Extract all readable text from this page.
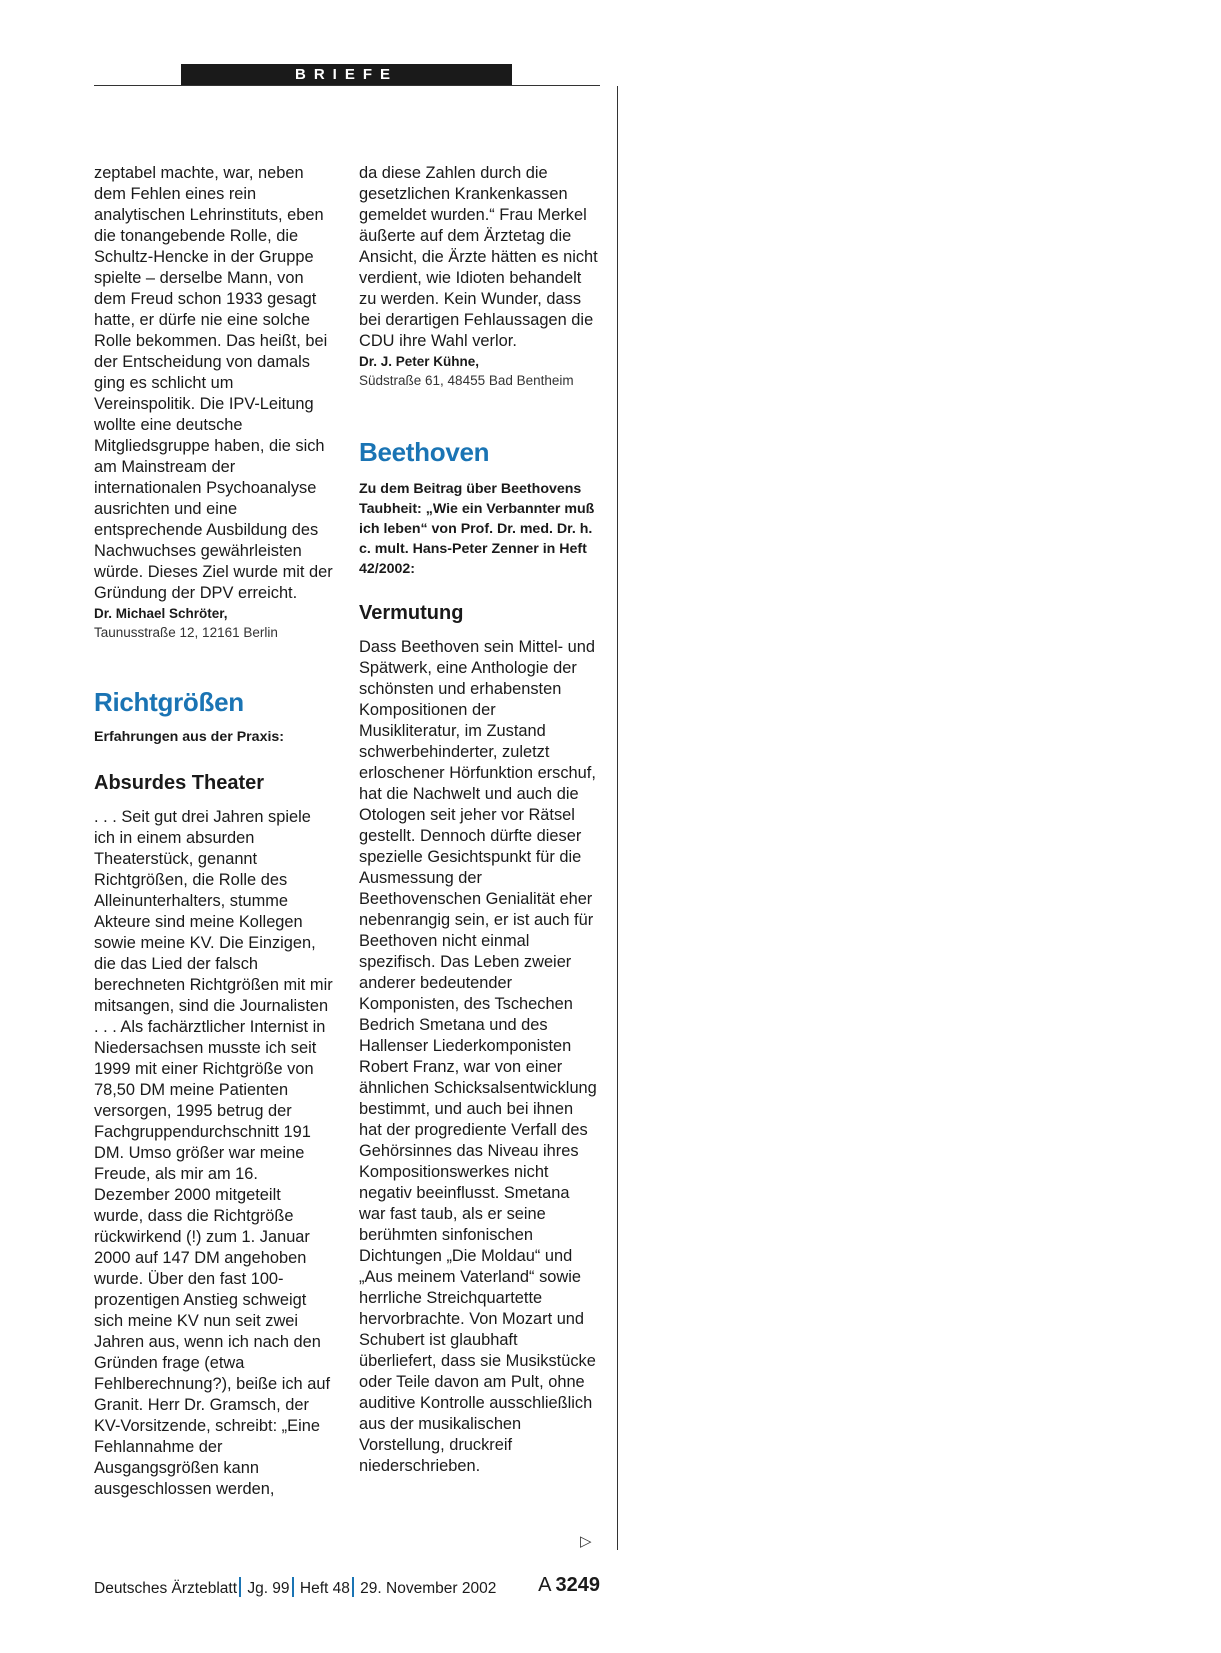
BRIEFE

zeptabel machte, war, neben dem Fehlen eines rein analytischen Lehrinstituts, eben die tonangebende Rolle, die Schultz-Hencke in der Gruppe spielte – derselbe Mann, von dem Freud schon 1933 gesagt hatte, er dürfe nie eine solche Rolle bekommen. Das heißt, bei der Entscheidung von damals ging es schlicht um Vereinspolitik. Die IPV-Leitung wollte eine deutsche Mitgliedsgruppe haben, die sich am Mainstream der internationalen Psychoanalyse ausrichten und eine entsprechende Ausbildung des Nachwuchses gewährleisten würde. Dieses Ziel wurde mit der Gründung der DPV erreicht.

Dr. Michael Schröter,

Taunusstraße 12, 12161 Berlin

Richtgrößen

Erfahrungen aus der Praxis:

Absurdes Theater

. . . Seit gut drei Jahren spiele ich in einem absurden Theaterstück, genannt Richtgrößen, die Rolle des Alleinunterhalters, stumme Akteure sind meine Kollegen sowie meine KV. Die Einzigen, die das Lied der falsch berechneten Richtgrößen mit mir mitsangen, sind die Journalisten . . . Als fachärztlicher Internist in Niedersachsen musste ich seit 1999 mit einer Richtgröße von 78,50 DM meine Patienten versorgen, 1995 betrug der Fachgruppendurchschnitt 191 DM. Umso größer war meine Freude, als mir am 16. Dezember 2000 mitgeteilt wurde, dass die Richtgröße rückwirkend (!) zum 1. Januar 2000 auf 147 DM angehoben wurde. Über den fast 100-prozentigen Anstieg schweigt sich meine KV nun seit zwei Jahren aus, wenn ich nach den Gründen frage (etwa Fehlberechnung?), beiße ich auf Granit. Herr Dr. Gramsch, der KV-Vorsitzende, schreibt: „Eine Fehlannahme der Ausgangsgrößen kann ausgeschlossen werden,

da diese Zahlen durch die gesetzlichen Krankenkassen gemeldet wurden.“ Frau Merkel äußerte auf dem Ärztetag die Ansicht, die Ärzte hätten es nicht verdient, wie Idioten behandelt zu werden. Kein Wunder, dass bei derartigen Fehlaussagen die CDU ihre Wahl verlor.

Dr. J. Peter Kühne,

Südstraße 61, 48455 Bad Bentheim

Beethoven

Zu dem Beitrag über Beethovens Taubheit: „Wie ein Verbannter muß ich leben“ von Prof. Dr. med. Dr. h. c. mult. Hans-Peter Zenner in Heft 42/2002:

Vermutung

Dass Beethoven sein Mittel- und Spätwerk, eine Anthologie der schönsten und erhabensten Kompositionen der Musikliteratur, im Zustand schwerbehinderter, zuletzt erloschener Hörfunktion erschuf, hat die Nachwelt und auch die Otologen seit jeher vor Rätsel gestellt. Dennoch dürfte dieser spezielle Gesichtspunkt für die Ausmessung der Beethovenschen Genialität eher nebenrangig sein, er ist auch für Beethoven nicht einmal spezifisch. Das Leben zweier anderer bedeutender Komponisten, des Tschechen Bedrich Smetana und des Hallenser Liederkomponisten Robert Franz, war von einer ähnlichen Schicksalsentwicklung bestimmt, und auch bei ihnen hat der progrediente Verfall des Gehörsinnes das Niveau ihres Kompositionswerkes nicht negativ beeinflusst. Smetana war fast taub, als er seine berühmten sinfonischen Dichtungen „Die Moldau“ und „Aus meinem Vaterland“ sowie herrliche Streichquartette hervorbrachte. Von Mozart und Schubert ist glaubhaft überliefert, dass sie Musikstücke oder Teile davon am Pult, ohne auditive Kontrolle ausschließlich aus der musikalischen Vorstellung, druckreif niederschrieben.

▷
Deutsches Ärzteblatt Jg. 99 Heft 48 29. November 2002 A  3249
